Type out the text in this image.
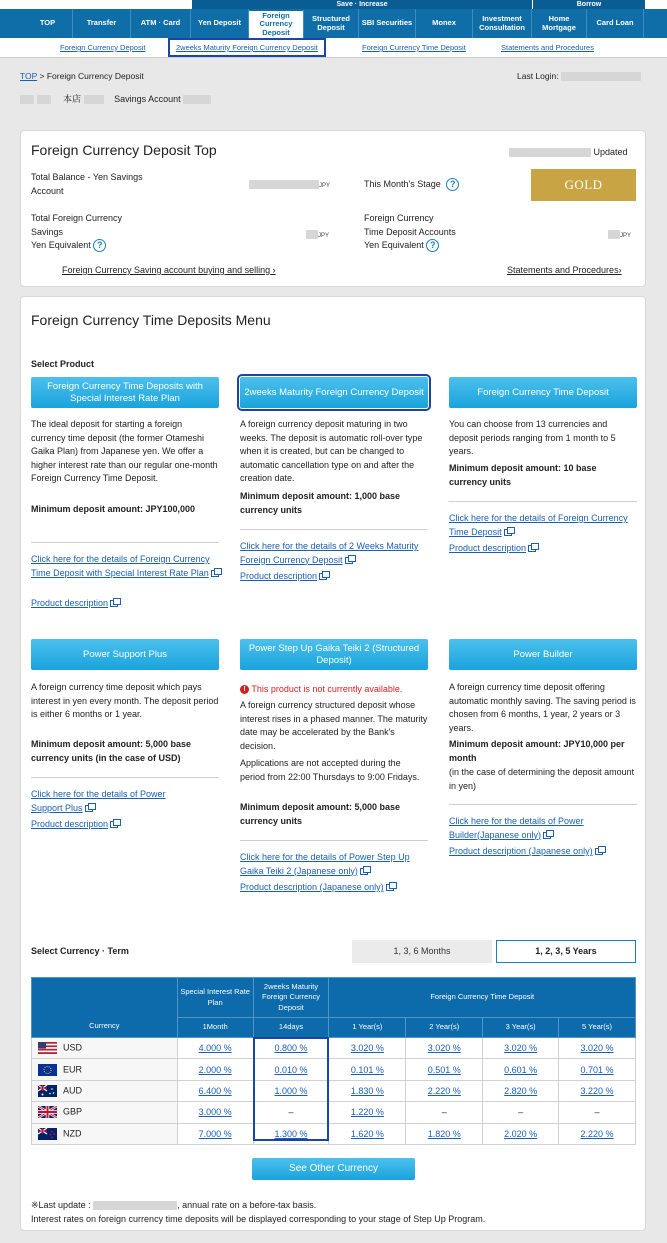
Save · Increase	Borrow
TOP	Transfer	ATM · Card	Yen Deposit
Foreign Currency Deposit
Structured Deposit	SBI Securities	Monex	Investment Consultation
Home Mortgage	Card Loan
Foreign Currency Deposit	2weeks Maturity Foreign Currency Deposit	Foreign Currency Time Deposit	Statements and Procedures
TOP > Foreign Currency Deposit	Last Login:
本店	Savings Account
Foreign Currency Deposit Top	Updated
Total Balance - Yen Savings Account	JPY	This Month's Stage ?	GOLD
Total Foreign Currency
Savings
Yen Equivalent ?
JPY
Foreign Currency
Time Deposit Accounts
Yen Equivalent ?
JPY
Foreign Currency Saving account buying and selling ›	Statements and Procedures›
Foreign Currency Time Deposits Menu
Select Product
Foreign Currency Time Deposits with Special Interest Rate Plan
The ideal deposit for starting a foreign currency time deposit (the former Otameshi Gaika Plan) from Japanese yen. We offer a higher interest rate than our regular one-month Foreign Currency Time Deposit.
Minimum deposit amount: JPY100,000
Click here for the details of Foreign Currency Time Deposit with Special Interest Rate Plan
Product description
2weeks Maturity Foreign Currency Deposit
A foreign currency deposit maturing in two weeks. The deposit is automatic roll-over type when it is created, but can be changed to automatic cancellation type on and after the creation date.
Minimum deposit amount: 1,000 base currency units
Click here for the details of 2 Weeks Maturity Foreign Currency Deposit
Product description
Foreign Currency Time Deposit
You can choose from 13 currencies and deposit periods ranging from 1 month to 5 years.
Minimum deposit amount: 10 base currency units
Click here for the details of Foreign Currency Time Deposit
Product description
Power Support Plus
A foreign currency time deposit which pays interest in yen every month. The deposit period is either 6 months or 1 year.
Minimum deposit amount: 5,000 base currency units (in the case of USD)
Click here for the details of Power Support Plus
Product description
Power Step Up Gaika Teiki 2 (Structured Deposit)
! This product is not currently available.
A foreign currency structured deposit whose interest rises in a phased manner. The maturity date may be accelerated by the Bank's decision.
Applications are not accepted during the period from 22:00 Thursdays to 9:00 Fridays.
Minimum deposit amount: 5,000 base currency units
Click here for the details of Power Step Up Gaika Teiki 2 (Japanese only)
Product description (Japanese only)
Power Builder
A foreign currency time deposit offering automatic monthly saving. The saving period is chosen from 6 months, 1 year, 2 years or 3 years.
Minimum deposit amount: JPY10,000 per month
(in the case of determining the deposit amount in yen)
Click here for the details of Power Builder(Japanese only)
Product description (Japanese only)
Select Currency · Term	1, 3, 6 Months	1, 2, 3, 5 Years
Currency	Special Interest Rate Plan	2weeks Maturity Foreign Currency Deposit	Foreign Currency Time Deposit			
	1Month	14days	1 Year(s)	2 Year(s)	3 Year(s)	5 Year(s)
USD	4.000 %	0.800 %	3.020 %	3.020 %	3.020 %	3.020 %
EUR	2.000 %	0.010 %	0.101 %	0.501 %	0.601 %	0.701 %
AUD	6.400 %	1.000 %	1.830 %	2.220 %	2.820 %	3.220 %
GBP	3.000 %	–	1.220 %	–	–	–
NZD	7.000 %	1.300 %	1.620 %	1.820 %	2.020 %	2.220 %
See Other Currency
※Last update :	, annual rate on a before-tax basis.
Interest rates on foreign currency time deposits will be displayed corresponding to your stage of Step Up Program.
